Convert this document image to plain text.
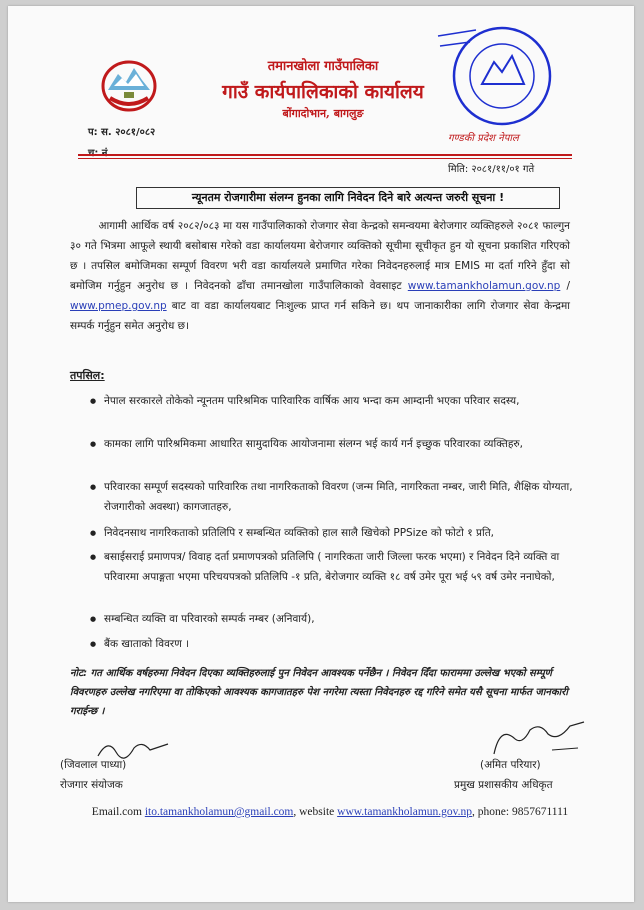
तमानखोला गाउँपालिका
गाउँ कार्यपालिकाको कार्यालय
बोंगादोभान, बागलुङ
गण्डकी प्रदेश नेपाल
प: स. २०८१/०८२
च: नं.
मिति: २०८१/११/०१ गते
न्यूनतम रोजगारीमा संलग्न हुनका लागि निवेदन दिने बारे अत्यन्त जरुरी सूचना !
आगामी आर्थिक वर्ष २०८२/०८३ मा यस गाउँपालिकाको रोजगार सेवा केन्द्रको समन्वयमा बेरोजगार व्यक्तिहरुले २०८१ फाल्गुन ३० गते भित्रमा आफूले स्थायी बसोबास गरेको वडा कार्यालयमा बेरोजगार व्यक्तिको सूचीमा सूचीकृत हुन यो सूचना प्रकाशित गरिएको छ । तपसिल बमोजिमका सम्पूर्ण विवरण भरी वडा कार्यालयले प्रमाणित गरेका निवेदनहरुलाई मात्र EMIS मा दर्ता गरिने हुँदा सो बमोजिम गर्नुहुन अनुरोध छ । निवेदनको ढाँचा तमानखोला गाउँपालिकाको वेवसाइट www.tamankholamun.gov.np / www.pmep.gov.np बाट वा वडा कार्यालयबाट निःशुल्क प्राप्त गर्न सकिने छ। थप जानाकारीका लागि रोजगार सेवा केन्द्रमा सम्पर्क गर्नुहुन समेत अनुरोध छ।
तपसिल:
● नेपाल सरकारले तोकेको न्यूनतम पारिश्रमिक पारिवारिक वार्षिक आय भन्दा कम आम्दानी भएका परिवार सदस्य,
● कामका लागि पारिश्रमिकमा आधारित सामुदायिक आयोजनामा संलग्न भई कार्य गर्न इच्छुक परिवारका व्यक्तिहरु,
● परिवारका सम्पूर्ण सदस्यको पारिवारिक तथा नागरिकताको विवरण (जन्म मिति, नागरिकता नम्बर, जारी मिति, शैक्षिक योग्यता, रोजगारीको अवस्था) कागजातहरु,
● निवेदनसाथ नागरिकताको प्रतिलिपि र सम्बन्धित व्यक्तिको हाल सालै खिचेको PPSize को फोटो १ प्रति,
● बसाईसराई प्रमाणपत्र/ विवाह दर्ता प्रमाणपत्रको प्रतिलिपि ( नागरिकता जारी जिल्ला फरक भएमा) र निवेदन दिने व्यक्ति वा परिवारमा अपाङ्गता भएमा परिचयपत्रको प्रतिलिपि -१ प्रति, बेरोजगार व्यक्ति १८ वर्ष उमेर पूरा भई ५९ वर्ष उमेर ननाघेको,
● सम्बन्धित व्यक्ति वा परिवारको सम्पर्क नम्बर (अनिवार्य),
● बैंक खाताको विवरण ।
नोट: गत आर्थिक वर्षहरुमा निवेदन दिएका व्यक्तिहरुलाई पुन निवेदन आवश्यक पर्नेछैन । निवेदन दिँदा फाराममा उल्लेख भएको सम्पूर्ण विवरणहरु उल्लेख नगरिएमा वा तोकिएको आवश्यक कागजातहरु पेश नगरेमा त्यस्ता निवेदनहरु रद्द गरिने समेत यसै सूचना मार्फत जानकारी गराईन्छ ।
(जिवलाल पाध्या)
रोजगार संयोजक
(अमित परियार)
प्रमुख प्रशासकीय अधिकृत
Email.com ito.tamankholamun@gmail.com, website www.tamankholamun.gov.np, phone: 9857671111
